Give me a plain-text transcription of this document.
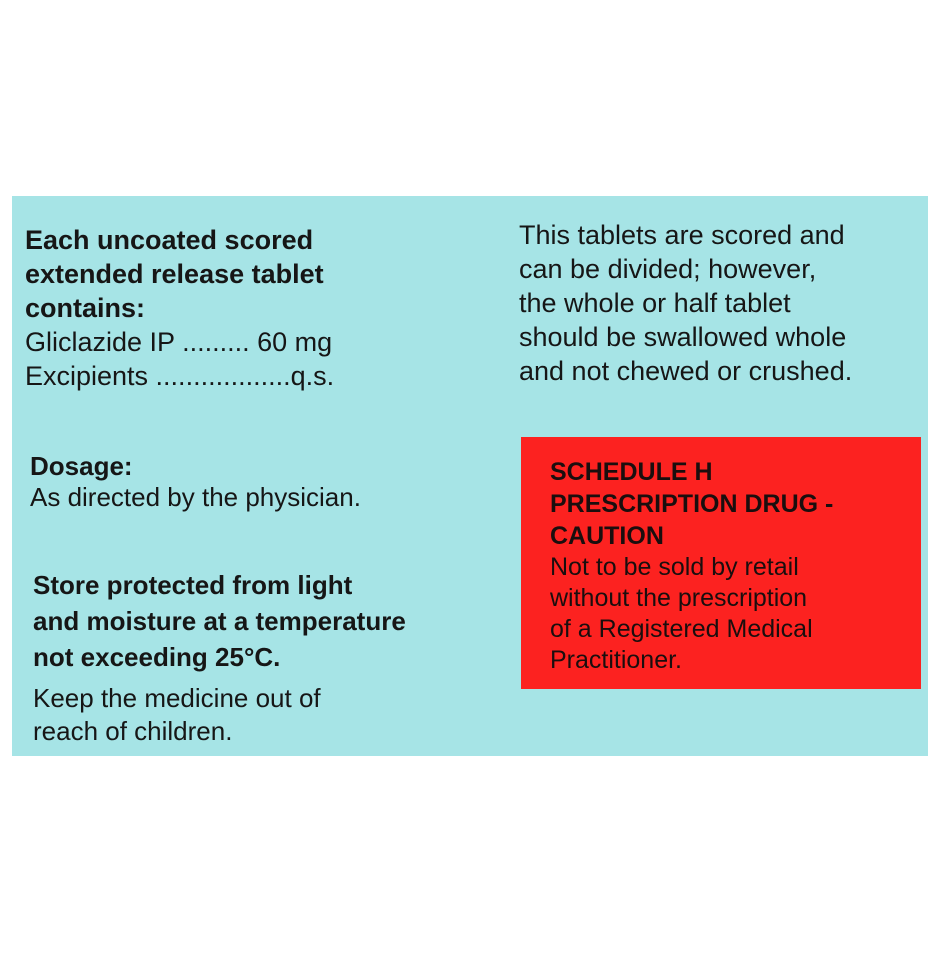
Each uncoated scored
extended release tablet
contains:
Gliclazide IP ......... 60 mg
Excipients ..................q.s.
This tablets are scored and
can be divided; however,
the whole or half tablet
should be swallowed whole
and not chewed or crushed.
Dosage:
As directed by the physician.
Store protected from light
and moisture at a temperature
not exceeding 25°C.
Keep the medicine out of
reach of children.
SCHEDULE H
PRESCRIPTION DRUG -
CAUTION
Not to be sold by retail
without the prescription
of a Registered Medical
Practitioner.
